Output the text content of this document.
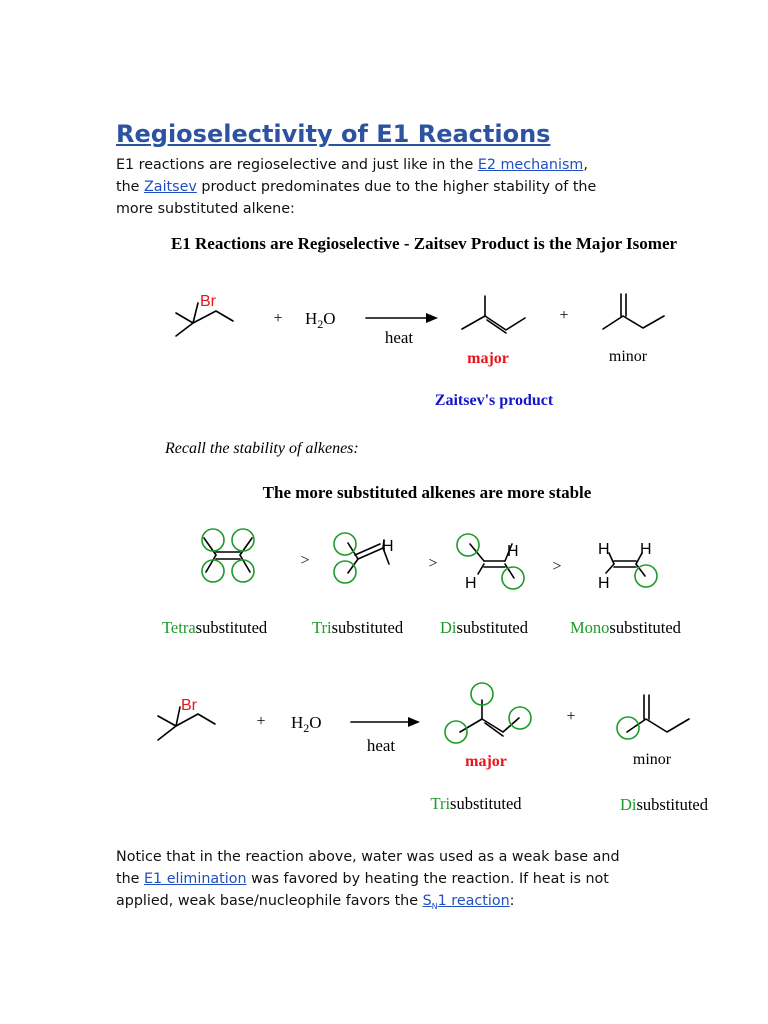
Regioselectivity of E1 Reactions
E1 reactions are regioselective and just like in the E2 mechanism,
the Zaitsev product predominates due to the higher stability of the
more substituted alkene:
E1 Reactions are Regioselective - Zaitsev Product is the Major Isomer
Br
+ $H_2O$
heat
+
major	minor
Zaitsev's product
Recall the stability of alkenes:
The more substituted alkenes are more stable
>	>	>
H	H
H
H H
H
Tetrasubstituted	Trisubstituted Disubstituted	Monosubstituted
Br
+ $H_2O$
heat
+
major	minor
Trisubstituted	Disubstituted
Notice that in the reaction above, water was used as a weak base and
the E1 elimination was favored by heating the reaction. If heat is not
applied, weak base/nucleophile favors the $S_N1$ reaction:
